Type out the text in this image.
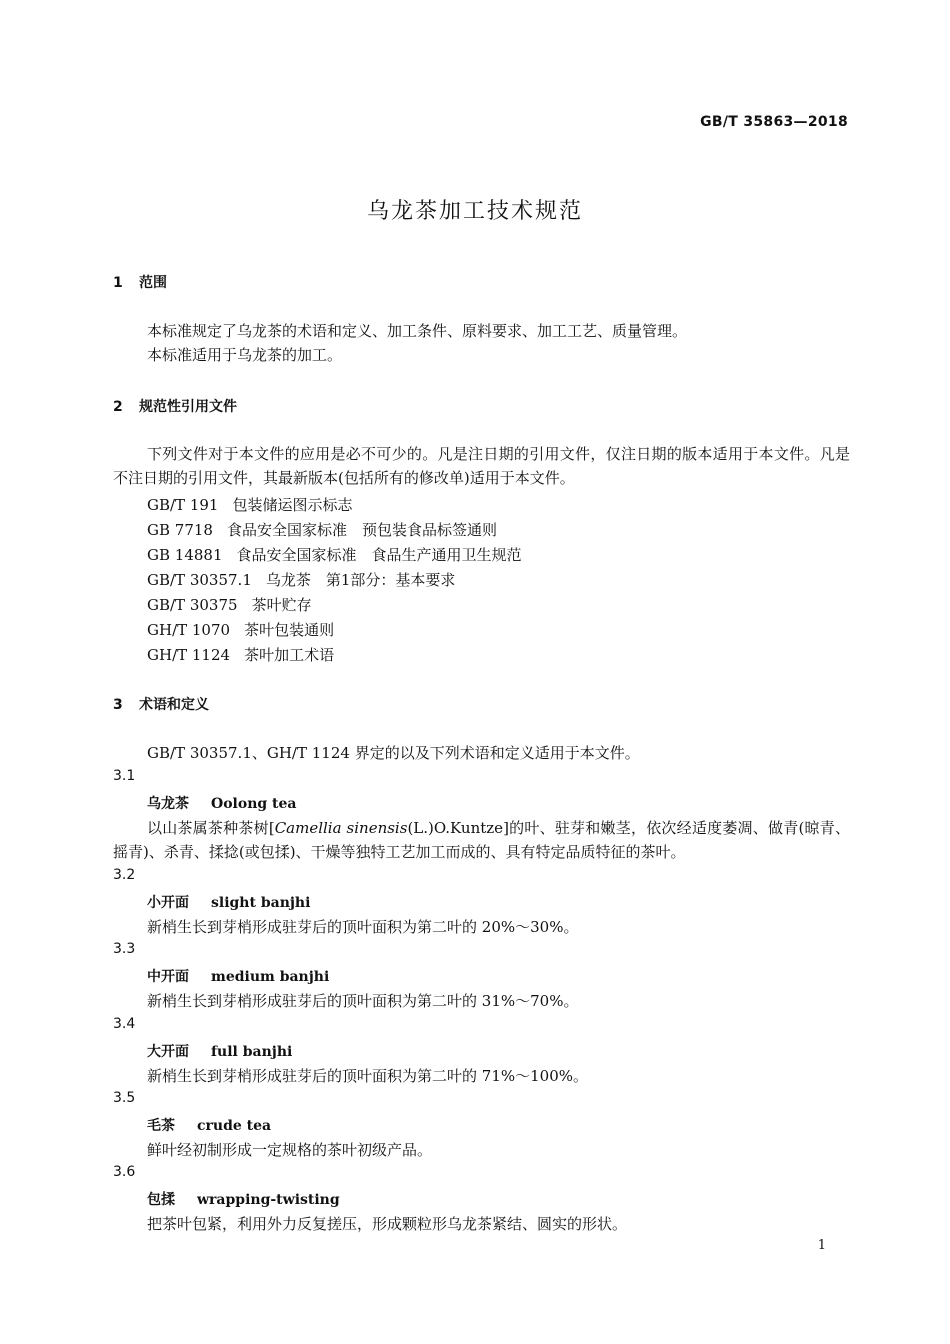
GB/T 35863—2018
乌龙茶加工技术规范
1 范围
本标准规定了乌龙茶的术语和定义、加工条件、原料要求、加工工艺、质量管理。
本标准适用于乌龙茶的加工。
2 规范性引用文件
下列文件对于本文件的应用是必不可少的。凡是注日期的引用文件，仅注日期的版本适用于本文件。凡是不注日期的引用文件，其最新版本(包括所有的修改单)适用于本文件。
GB/T 191 包装储运图示标志
GB 7718 食品安全国家标准　预包装食品标签通则
GB 14881 食品安全国家标准　食品生产通用卫生规范
GB/T 30357.1 乌龙茶　第1部分：基本要求
GB/T 30375 茶叶贮存
GH/T 1070 茶叶包装通则
GH/T 1124 茶叶加工术语
3 术语和定义
GB/T 30357.1、GH/T 1124 界定的以及下列术语和定义适用于本文件。
3.1
乌龙茶 Oolong tea
以山茶属茶种茶树[Camellia sinensis(L.)O.Kuntze]的叶、驻芽和嫩茎，依次经适度萎凋、做青(晾青、摇青)、杀青、揉捻(或包揉)、干燥等独特工艺加工而成的、具有特定品质特征的茶叶。
3.2
小开面 slight banjhi
新梢生长到芽梢形成驻芽后的顶叶面积为第二叶的 20%～30%。
3.3
中开面 medium banjhi
新梢生长到芽梢形成驻芽后的顶叶面积为第二叶的 31%～70%。
3.4
大开面 full banjhi
新梢生长到芽梢形成驻芽后的顶叶面积为第二叶的 71%～100%。
3.5
毛茶 crude tea
鲜叶经初制形成一定规格的茶叶初级产品。
3.6
包揉 wrapping-twisting
把茶叶包紧，利用外力反复搓压，形成颗粒形乌龙茶紧结、圆实的形状。
1
